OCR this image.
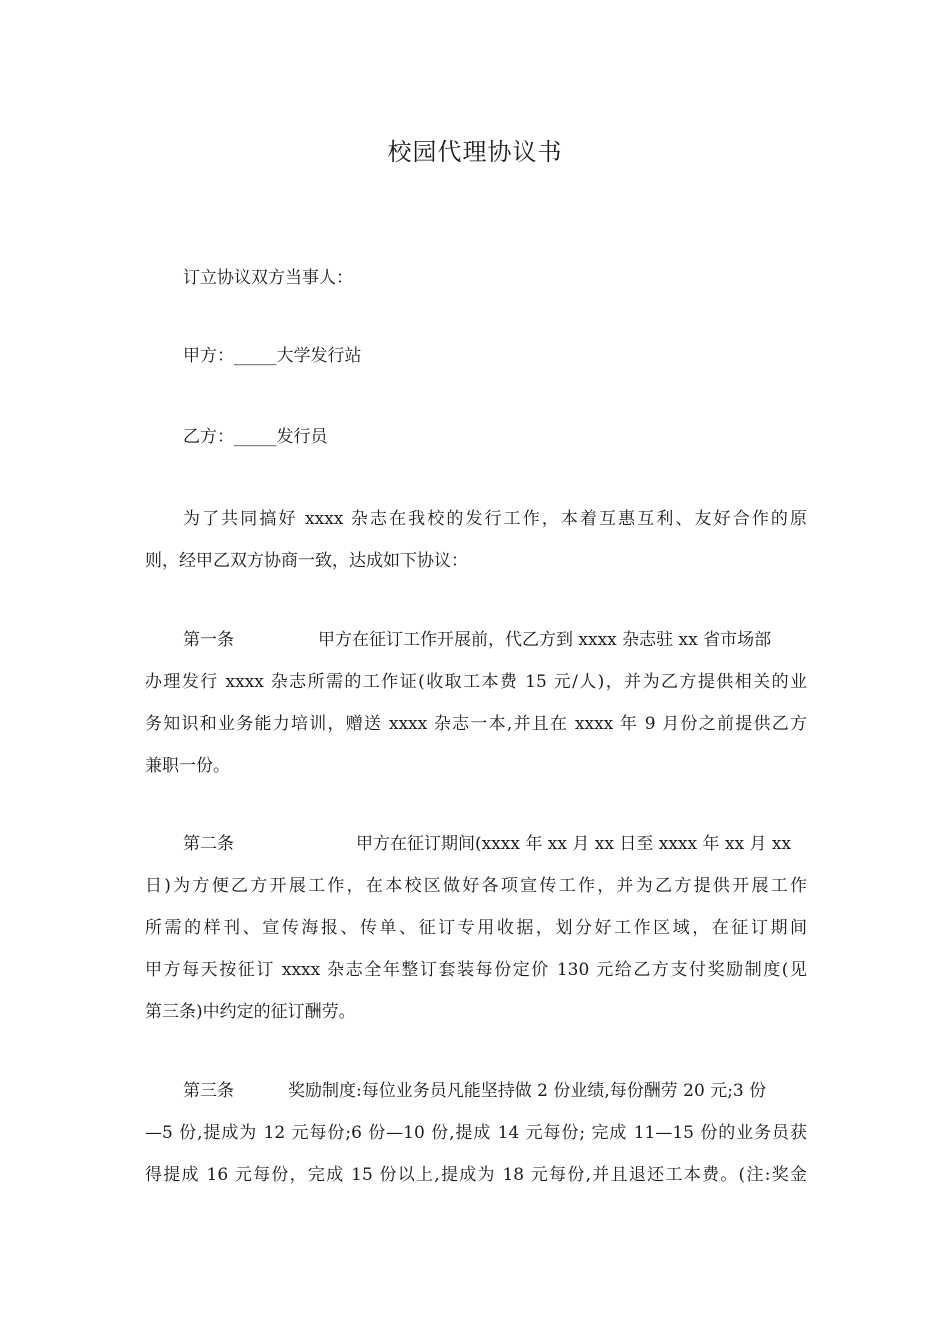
校园代理协议书
订立协议双方当事人：
甲方：_____大学发行站
乙方：_____发行员
为了共同搞好 xxxx 杂志在我校的发行工作，本着互惠互利、友好合作的原
则，经甲乙双方协商一致，达成如下协议：
第一条	甲方在征订工作开展前，代乙方到 xxxx 杂志驻 xx 省市场部
办理发行 xxxx 杂志所需的工作证(收取工本费 15 元/人)，并为乙方提供相关的业
务知识和业务能力培训，赠送 xxxx 杂志一本,并且在 xxxx 年 9 月份之前提供乙方
兼职一份。
第二条	甲方在征订期间(xxxx 年 xx 月 xx 日至 xxxx 年 xx 月 xx
日)为方便乙方开展工作，在本校区做好各项宣传工作，并为乙方提供开展工作
所需的样刊、宣传海报、传单、征订专用收据，划分好工作区域，在征订期间
甲方每天按征订 xxxx 杂志全年整订套装每份定价 130 元给乙方支付奖励制度(见
第三条)中约定的征订酬劳。
第三条	奖励制度:每位业务员凡能坚持做 2 份业绩,每份酬劳 20 元;3 份
—5 份,提成为 12 元每份;6 份—10 份,提成 14 元每份; 完成 11—15 份的业务员获
得提成 16 元每份，完成 15 份以上,提成为 18 元每份,并且退还工本费。(注:奖金
